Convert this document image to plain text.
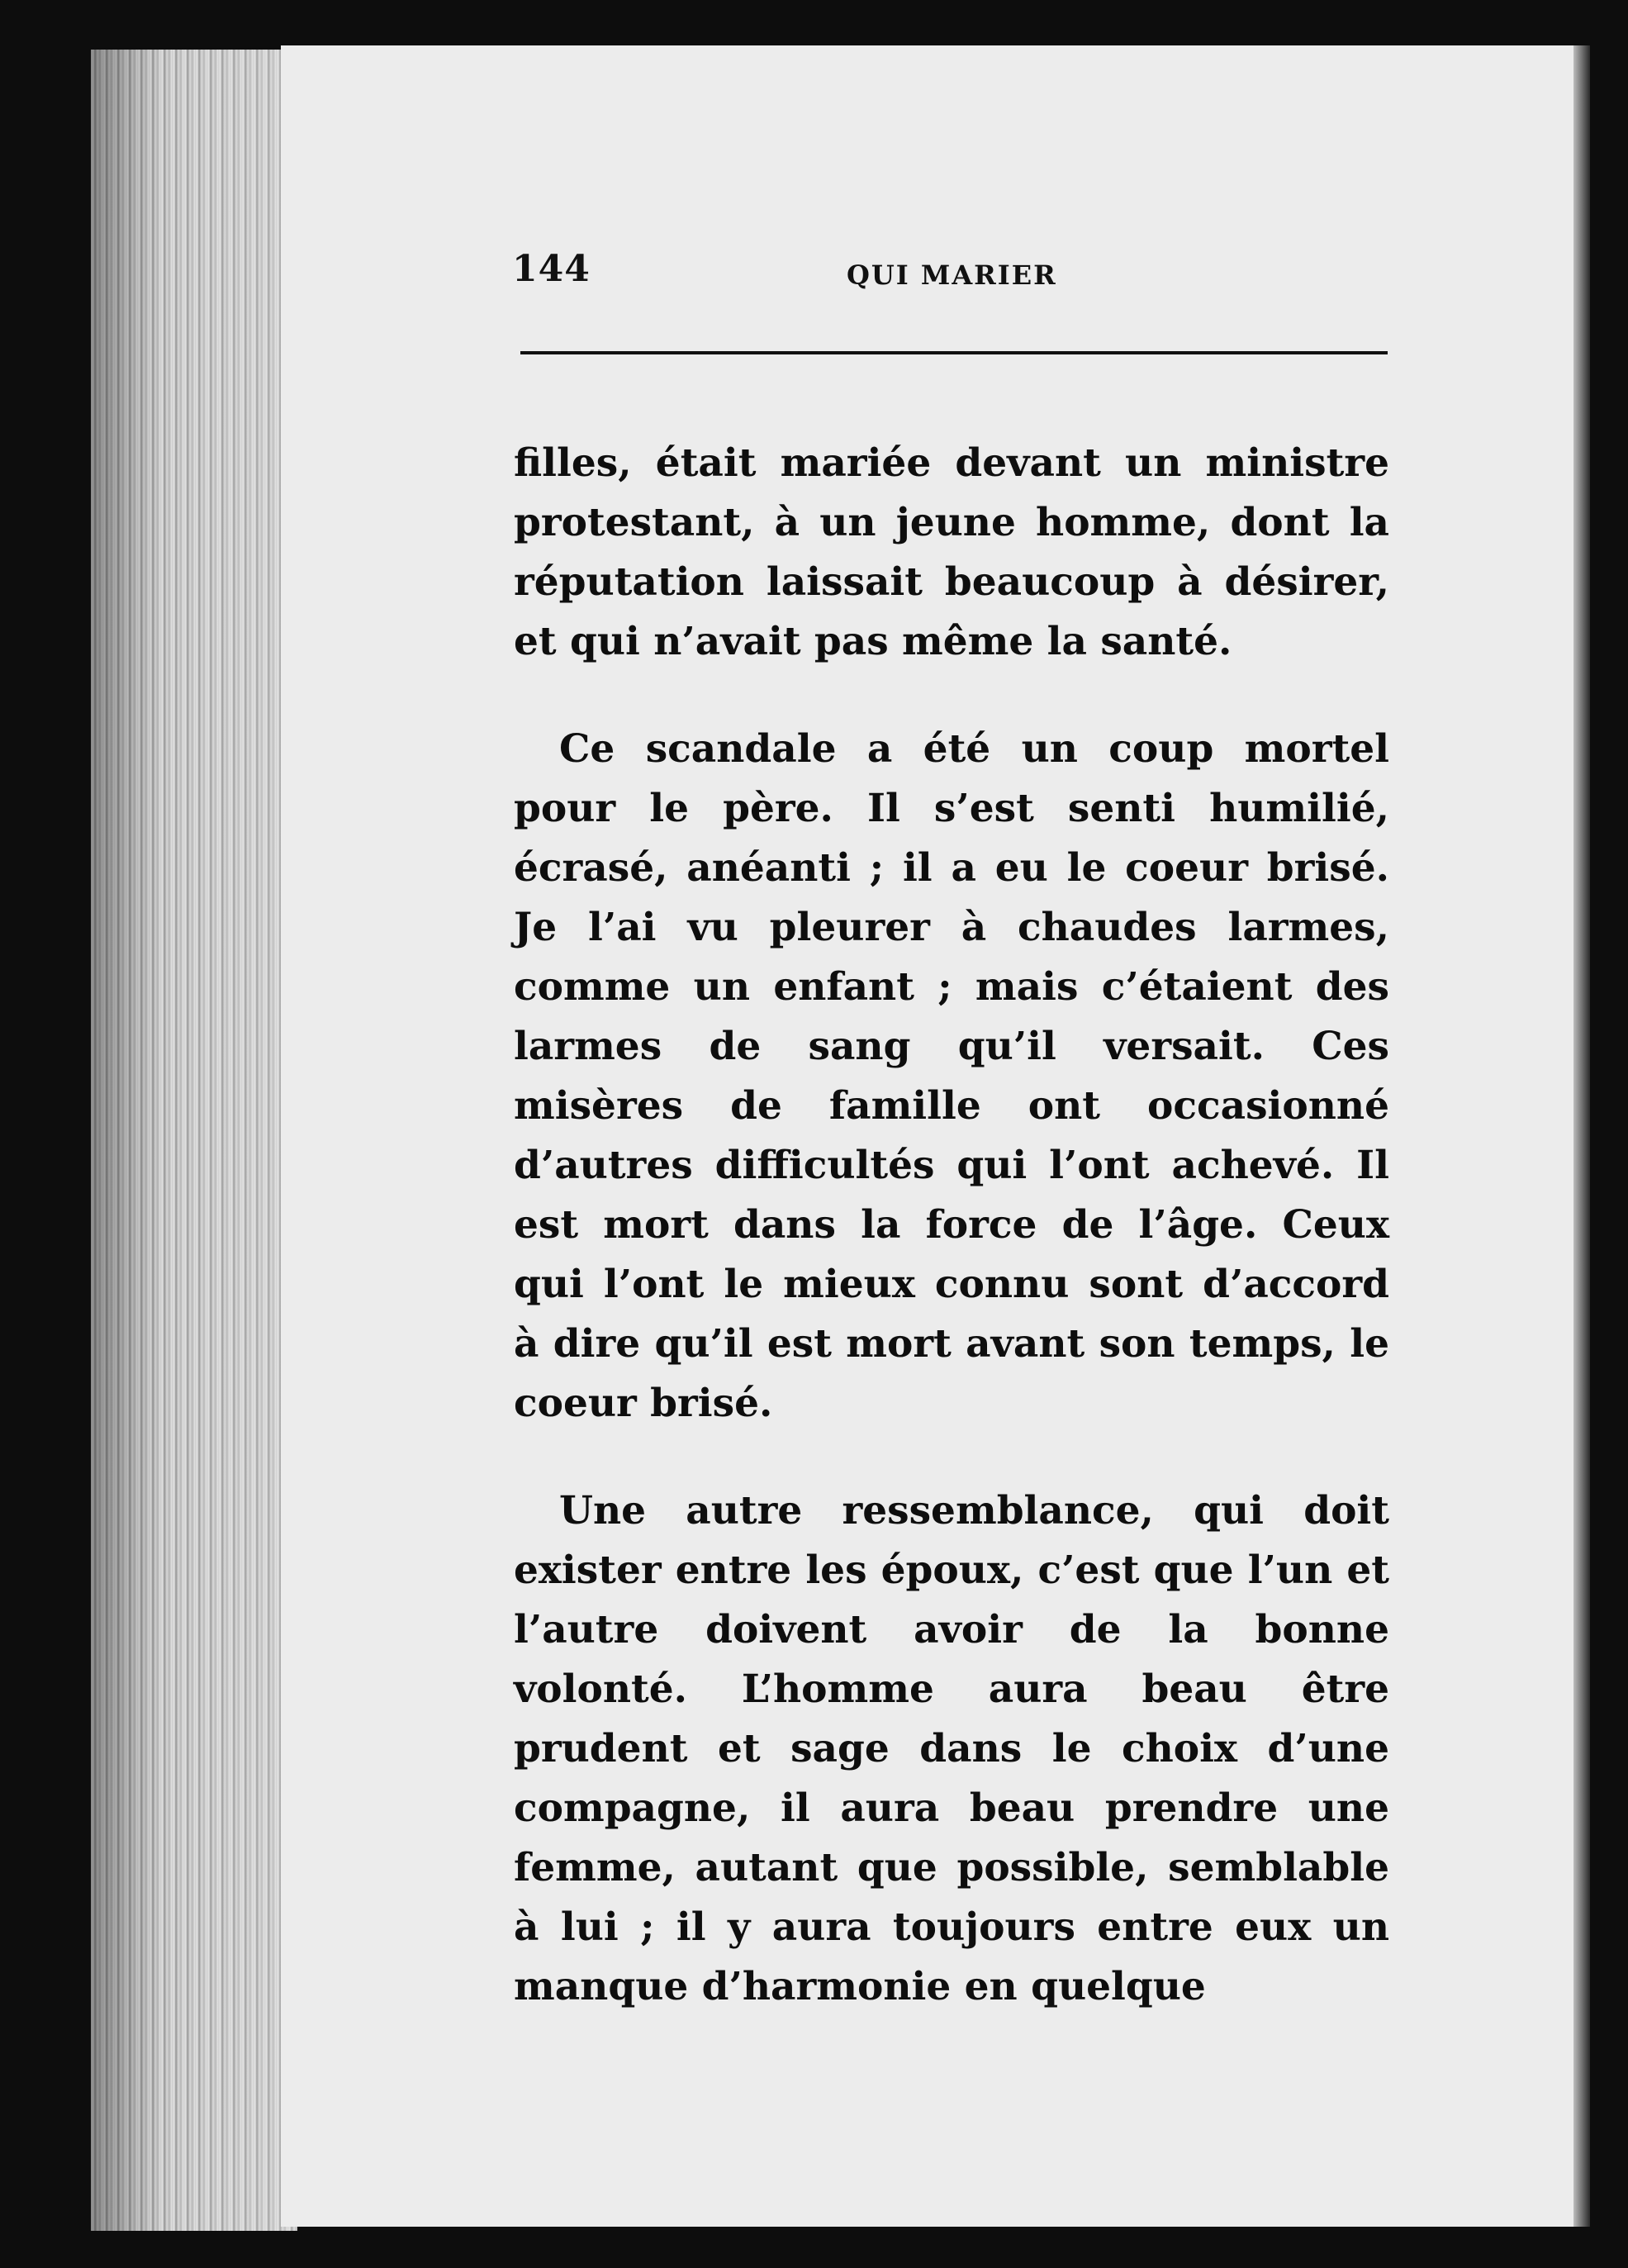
144	QUI MARIER

filles, était mariée devant un ministre protestant, à un jeune homme, dont la réputation laissait beaucoup à désirer, et qui n’avait pas même la santé.

Ce scandale a été un coup mortel pour le père. Il s’est senti humilié, écrasé, anéanti ; il a eu le coeur brisé. Je l’ai vu pleurer à chaudes larmes, comme un enfant ; mais c’étaient des larmes de sang qu’il versait. Ces misères de famille ont occasionné d’autres difficultés qui l’ont achevé. Il est mort dans la force de l’âge. Ceux qui l’ont le mieux connu sont d’accord à dire qu’il est mort avant son temps, le coeur brisé.

Une autre ressemblance, qui doit exister entre les époux, c’est que l’un et l’autre doivent avoir de la bonne volonté. L’homme aura beau être prudent et sage dans le choix d’une compagne, il aura beau prendre une femme, autant que possible, semblable à lui ; il y aura toujours entre eux un manque d’harmonie en quelque
